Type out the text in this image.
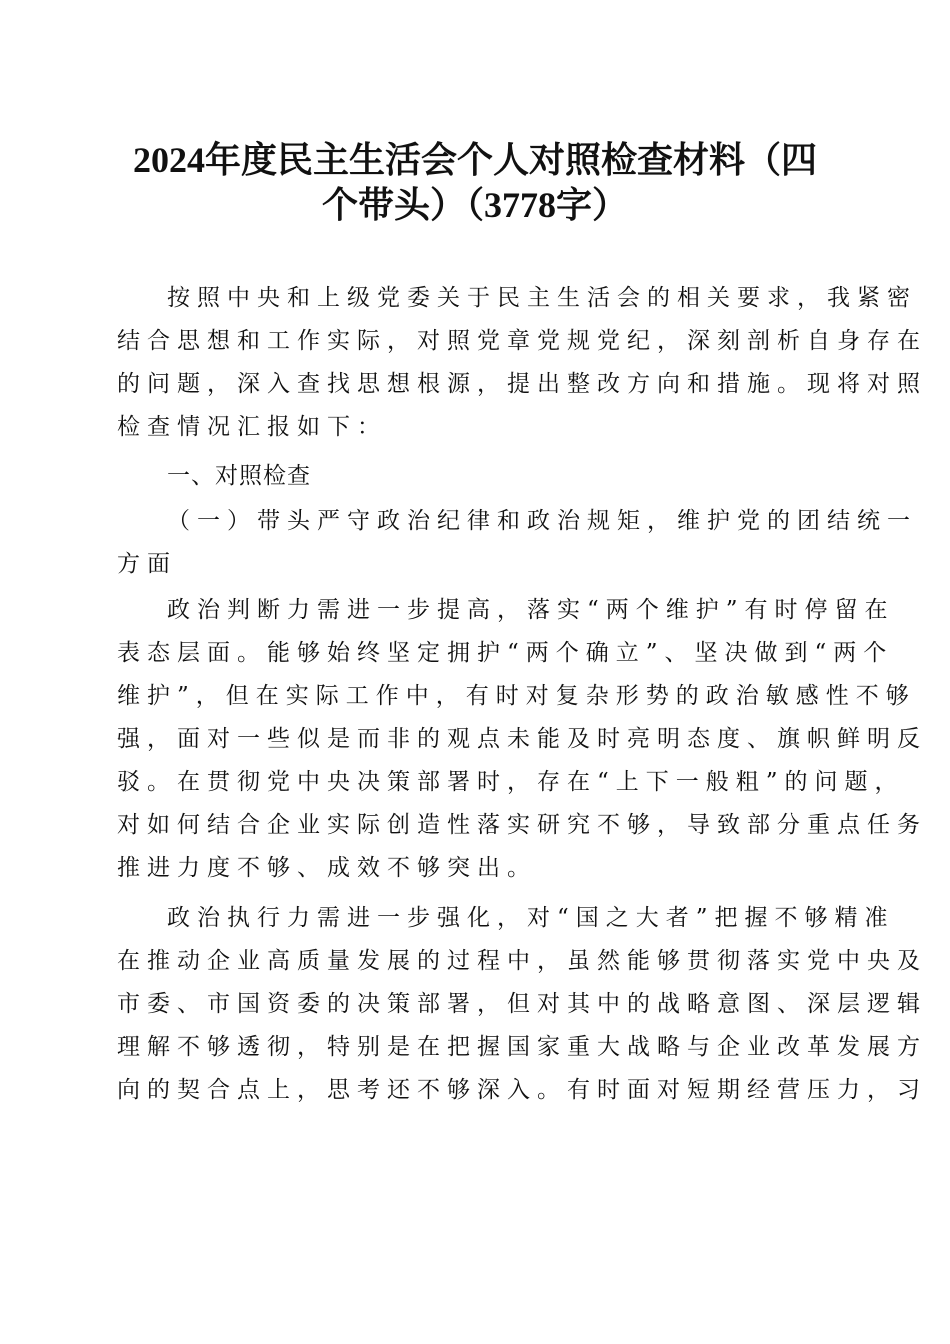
2024年度民主生活会个人对照检查材料（四
个带头）（3778字）
按照中央和上级党委关于民主生活会的相关要求，我紧密
结合思想和工作实际，对照党章党规党纪，深刻剖析自身存在
的问题，深入查找思想根源，提出整改方向和措施。现将对照
检查情况汇报如下：
一、对照检查
（一）带头严守政治纪律和政治规矩，维护党的团结统一
方面
政治判断力需进一步提高，落实“两个维护”有时停留在
表态层面。能够始终坚定拥护“两个确立”、坚决做到“两个
维护”，但在实际工作中，有时对复杂形势的政治敏感性不够
强，面对一些似是而非的观点未能及时亮明态度、旗帜鲜明反
驳。在贯彻党中央决策部署时，存在“上下一般粗”的问题，
对如何结合企业实际创造性落实研究不够，导致部分重点任务
推进力度不够、成效不够突出。
政治执行力需进一步强化，对“国之大者”把握不够精准
在推动企业高质量发展的过程中，虽然能够贯彻落实党中央及
市委、市国资委的决策部署，但对其中的战略意图、深层逻辑
理解不够透彻，特别是在把握国家重大战略与企业改革发展方
向的契合点上，思考还不够深入。有时面对短期经营压力，习
